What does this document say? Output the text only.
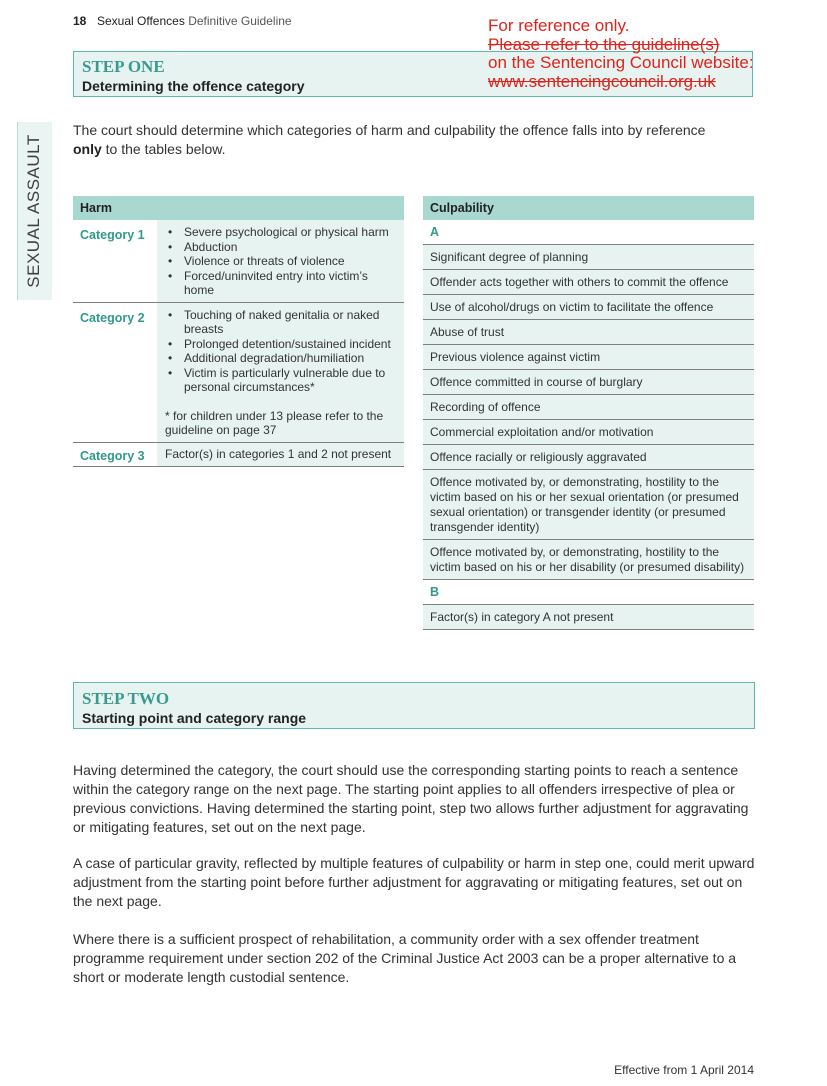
18 Sexual Offences Definitive Guideline
SEXUAL ASSAULT
STEP ONE
Determining the offence category
For reference only.
Please refer to the guideline(s)
on the Sentencing Council website:
www.sentencingcouncil.org.uk
The court should determine which categories of harm and culpability the offence falls into by reference
only to the tables below.
Harm
Category 1	• Severe psychological or physical harm
• Abduction
• Violence or threats of violence
• Forced/uninvited entry into victim’s home
Category 2	• Touching of naked genitalia or naked breasts
• Prolonged detention/sustained incident
• Additional degradation/humiliation
• Victim is particularly vulnerable due to personal circumstances*
* for children under 13 please refer to the guideline on page 37
Category 3	Factor(s) in categories 1 and 2 not present
Culpability
A
Significant degree of planning
Offender acts together with others to commit the offence
Use of alcohol/drugs on victim to facilitate the offence
Abuse of trust
Previous violence against victim
Offence committed in course of burglary
Recording of offence
Commercial exploitation and/or motivation
Offence racially or religiously aggravated
Offence motivated by, or demonstrating, hostility to the victim based on his or her sexual orientation (or presumed sexual orientation) or transgender identity (or presumed transgender identity)
Offence motivated by, or demonstrating, hostility to the victim based on his or her disability (or presumed disability)
B
Factor(s) in category A not present
STEP TWO
Starting point and category range
Having determined the category, the court should use the corresponding starting points to reach a sentence within the category range on the next page. The starting point applies to all offenders irrespective of plea or previous convictions. Having determined the starting point, step two allows further adjustment for aggravating or mitigating features, set out on the next page.
A case of particular gravity, reflected by multiple features of culpability or harm in step one, could merit upward adjustment from the starting point before further adjustment for aggravating or mitigating features, set out on the next page.
Where there is a sufficient prospect of rehabilitation, a community order with a sex offender treatment programme requirement under section 202 of the Criminal Justice Act 2003 can be a proper alternative to a short or moderate length custodial sentence.
Effective from 1 April 2014
